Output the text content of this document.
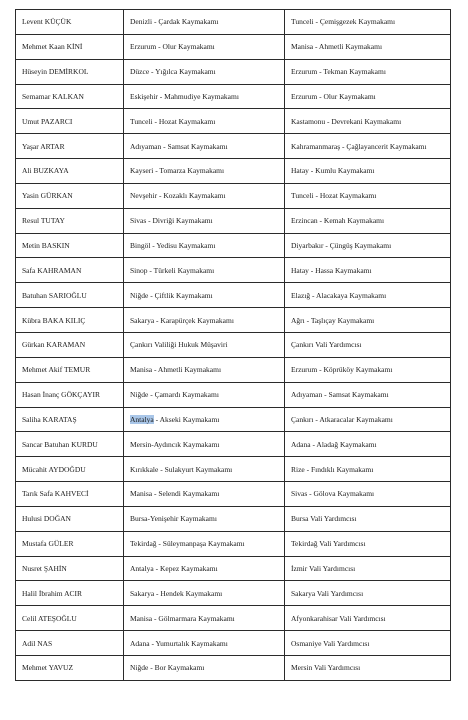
Levent KÜÇÜK	Denizli - Çardak Kaymakamı	Tunceli - Çemişgezek Kaymakamı
Mehmet Kaan KİNİ	Erzurum - Olur Kaymakamı	Manisa - Ahmetli Kaymakamı
Hüseyin DEMİRKOL	Düzce - Yığılca Kaymakamı	Erzurum - Tekman Kaymakamı
Semamar KALKAN	Eskişehir - Mahmudiye Kaymakamı	Erzurum - Olur Kaymakamı
Umut PAZARCI	Tunceli - Hozat Kaymakamı	Kastamonu - Devrekani Kaymakamı
Yaşar ARTAR	Adıyaman - Samsat Kaymakamı	Kahramanmaraş - Çağlayancerit Kaymakamı
Ali BUZKAYA	Kayseri - Tomarza Kaymakamı	Hatay - Kumlu Kaymakamı
Yasin GÜRKAN	Nevşehir - Kozaklı Kaymakamı	Tunceli - Hozat Kaymakamı
Resul TUTAY	Sivas - Divriği Kaymakamı	Erzincan - Kemah Kaymakamı
Metin BASKIN	Bingöl - Yedisu Kaymakamı	Diyarbakır - Çüngüş Kaymakamı
Safa KAHRAMAN	Sinop - Türkeli Kaymakamı	Hatay - Hassa Kaymakamı
Batuhan SARIOĞLU	Niğde - Çiftlik Kaymakamı	Elazığ - Alacakaya Kaymakamı
Kübra BAKA KILIÇ	Sakarya - Karapürçek Kaymakamı	Ağrı - Taşlıçay Kaymakamı
Gürkan KARAMAN	Çankırı Valiliği Hukuk Müşaviri	Çankırı Vali Yardımcısı
Mehmet Akif TEMUR	Manisa - Ahmetli Kaymakamı	Erzurum - Köprüköy Kaymakamı
Hasan İnanç GÖKÇAYIR	Niğde - Çamardı Kaymakamı	Adıyaman - Samsat Kaymakamı
Saliha KARATAŞ	Antalya - Akseki Kaymakamı	Çankırı - Atkaracalar Kaymakamı
Sancar Batuhan KURDU	Mersin-Aydıncık Kaymakamı	Adana - Aladağ Kaymakamı
Mücahit AYDOĞDU	Kırıkkale - Sulakyurt Kaymakamı	Rize - Fındıklı Kaymakamı
Tarık Safa KAHVECİ	Manisa - Selendi Kaymakamı	Sivas - Gölova Kaymakamı
Hulusi DOĞAN	Bursa-Yenişehir Kaymakamı	Bursa Vali Yardımcısı
Mustafa GÜLER	Tekirdağ - Süleymanpaşa Kaymakamı	Tekirdağ Vali Yardımcısı
Nusret ŞAHİN	Antalya - Kepez Kaymakamı	İzmir Vali Yardımcısı
Halil İbrahim ACIR	Sakarya - Hendek Kaymakamı	Sakarya Vali Yardımcısı
Celil ATEŞOĞLU	Manisa - Gölmarmara Kaymakamı	Afyonkarahisar Vali Yardımcısı
Adil NAS	Adana - Yumurtalık Kaymakamı	Osmaniye Vali Yardımcısı
Mehmet YAVUZ	Niğde - Bor Kaymakamı	Mersin Vali Yardımcısı
